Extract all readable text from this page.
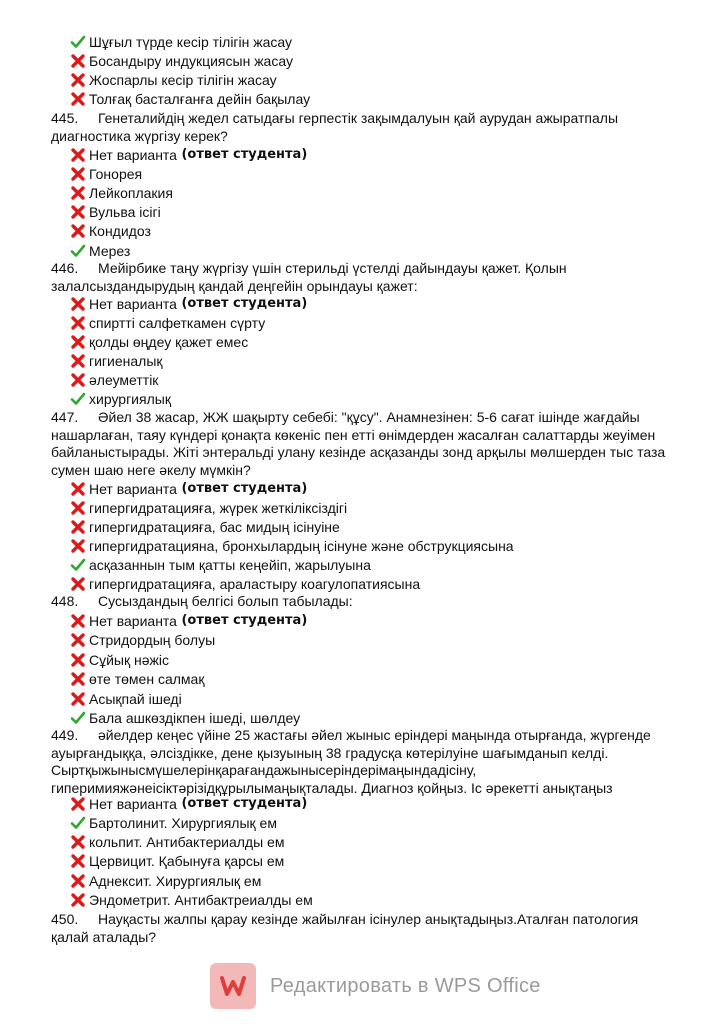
Шұғыл түрде кесір тілігін жасау
Босандыру индукциясын жасау
Жоспарлы кесір тілігін жасау
Толғақ басталғанға дейін бақылау

445. Генеталийдің жедел сатыдағы герпестік зақымдалуын қай аурудан ажыратпалы диагностика жүргізу керек?

Нет варианта (ответ студента)
Гонорея
Лейкоплакия
Вульва ісігі
Кондидоз
Мерез

446. Мейірбике таңу жүргізу үшін стерильді үстелді дайындауы қажет. Қолын залалсыздандырудың қандай деңгейін орындауы қажет:

Нет варианта (ответ студента)
спиртті салфеткамен сүрту
қолды өңдеу қажет емес
гигиеналық
әлеуметтік
хирургиялық

447. Әйел 38 жасар, ЖЖ шақырту себебі: "құсу". Анамнезінен: 5-6 сағат ішінде жағдайы нашарлаған, таяу күндері қонақта көкеніс пен етті өнімдерден жасалған салаттарды жеуімен байланыстырады. Жіті энтеральді улану кезінде асқазанды зонд арқылы мөлшерден тыс таза сумен шаю неге әкелу мүмкін?

Нет варианта (ответ студента)
гипергидратацияға, жүрек жеткіліксіздігі
гипергидратацияға, бас мидың ісінуіне
гипергидратацияна, бронхылардың ісінуне және обструкциясына
асқазаннын тым қатты кеңейіп, жарылуына
гипергидратацияға, араластыру коагулопатиясына

448. Сусыздандың белгісі болып табылады:

Нет варианта (ответ студента)
Стридордың болуы
Сұйық нәжіс
өте төмен салмақ
Асықпай ішеді
Бала ашкөздікпен ішеді, шөлдеу

449. әйелдер кеңес үйіне 25 жастағы әйел жыныс еріндері маңында отырғанда, жүргенде ауырғандыққа, әлсіздікке, дене қызуының 38 градусқа көтерілуіне шағымданып келді. Сыртқыжыныcмүшелерінқарағандажыныcеріндерімаңындaдісіну, гиперимияжәнеісіктәрізідқұрылымаңықталады. Диагноз қойңыз. Іс әрекетті анықтаңыз

Нет варианта (ответ студента)
Бартолинит. Хирургиялық ем
кольпит. Антибактериалды ем
Цервицит. Қабынуға қарсы ем
Аднексит. Хирургиялық ем
Эндометрит. Антибактреиалды ем

450. Науқасты жалпы қарау кезінде жайылған ісінулер анықтадыңыз.Аталған патология қалай аталады?

Редактировать в WPS Office
